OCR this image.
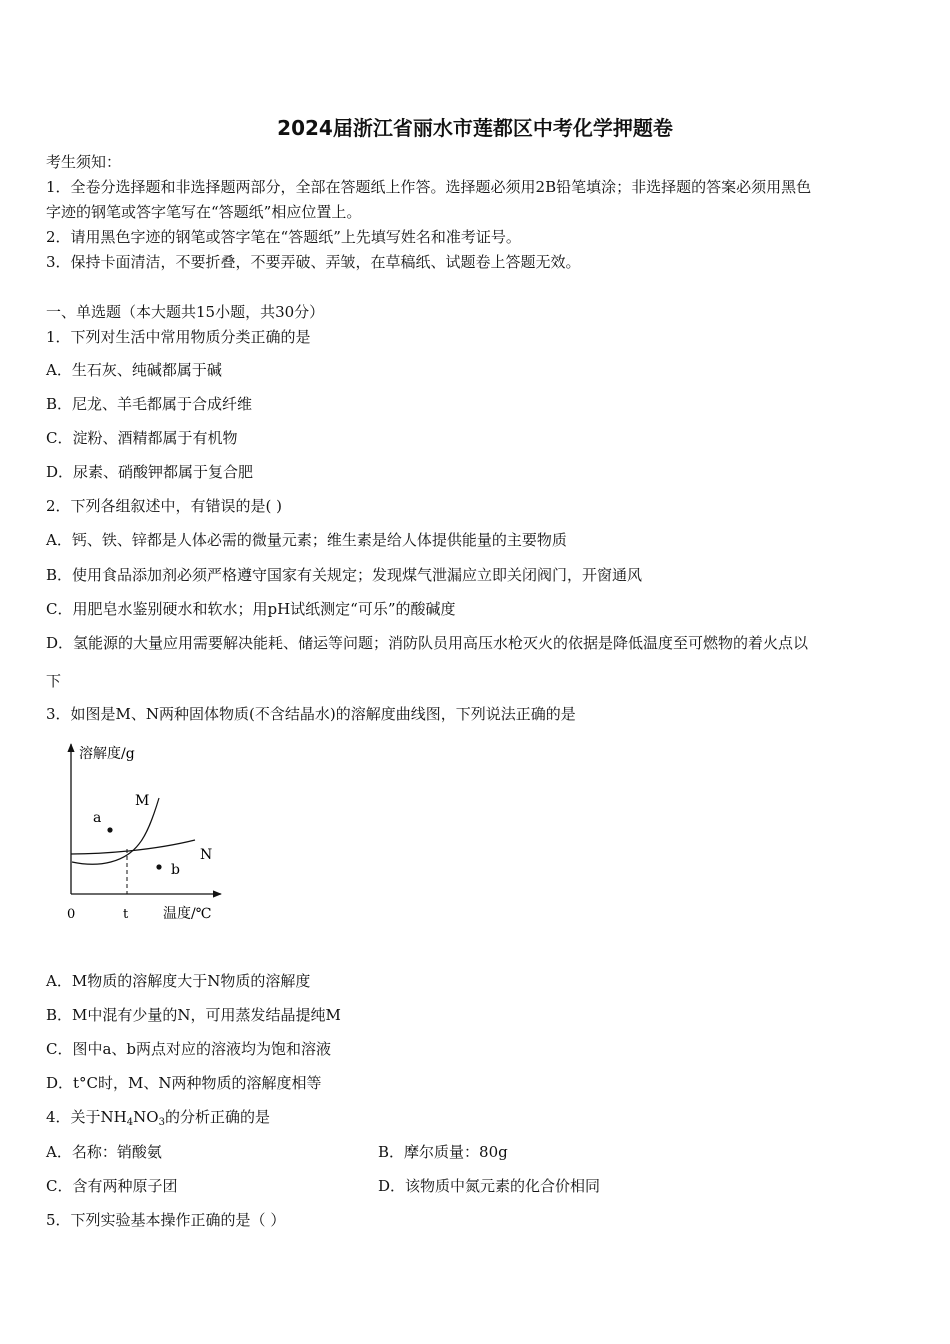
2024届浙江省丽水市莲都区中考化学押题卷
考生须知：
1．全卷分选择题和非选择题两部分，全部在答题纸上作答。选择题必须用2B铅笔填涂；非选择题的答案必须用黑色
字迹的钢笔或答字笔写在“答题纸”相应位置上。
2．请用黑色字迹的钢笔或答字笔在“答题纸”上先填写姓名和准考证号。
3．保持卡面清洁，不要折叠，不要弄破、弄皱，在草稿纸、试题卷上答题无效。
一、单选题（本大题共15小题，共30分）
1．下列对生活中常用物质分类正确的是
A．生石灰、纯碱都属于碱
B．尼龙、羊毛都属于合成纤维
C．淀粉、酒精都属于有机物
D．尿素、硝酸钾都属于复合肥
2．下列各组叙述中，有错误的是( )
A．钙、铁、锌都是人体必需的微量元素；维生素是给人体提供能量的主要物质
B．使用食品添加剂必须严格遵守国家有关规定；发现煤气泄漏应立即关闭阀门，开窗通风
C．用肥皂水鉴别硬水和软水；用pH试纸测定“可乐”的酸碱度
D．氢能源的大量应用需要解决能耗、储运等问题；消防队员用高压水枪灭火的依据是降低温度至可燃物的着火点以
下
3．如图是M、N两种固体物质(不含结晶水)的溶解度曲线图，下列说法正确的是
溶解度/g
温度/℃
0	t
M
N
a
b
A．M物质的溶解度大于N物质的溶解度
B．M中混有少量的N，可用蒸发结晶提纯M
C．图中a、b两点对应的溶液均为饱和溶液
D．t°C时，M、N两种物质的溶解度相等
4．关于$NH_4NO_3$的分析正确的是
A．名称：销酸氨	B．摩尔质量：80g
C．含有两种原子团	D．该物质中氮元素的化合价相同
5．下列实验基本操作正确的是（ ）
